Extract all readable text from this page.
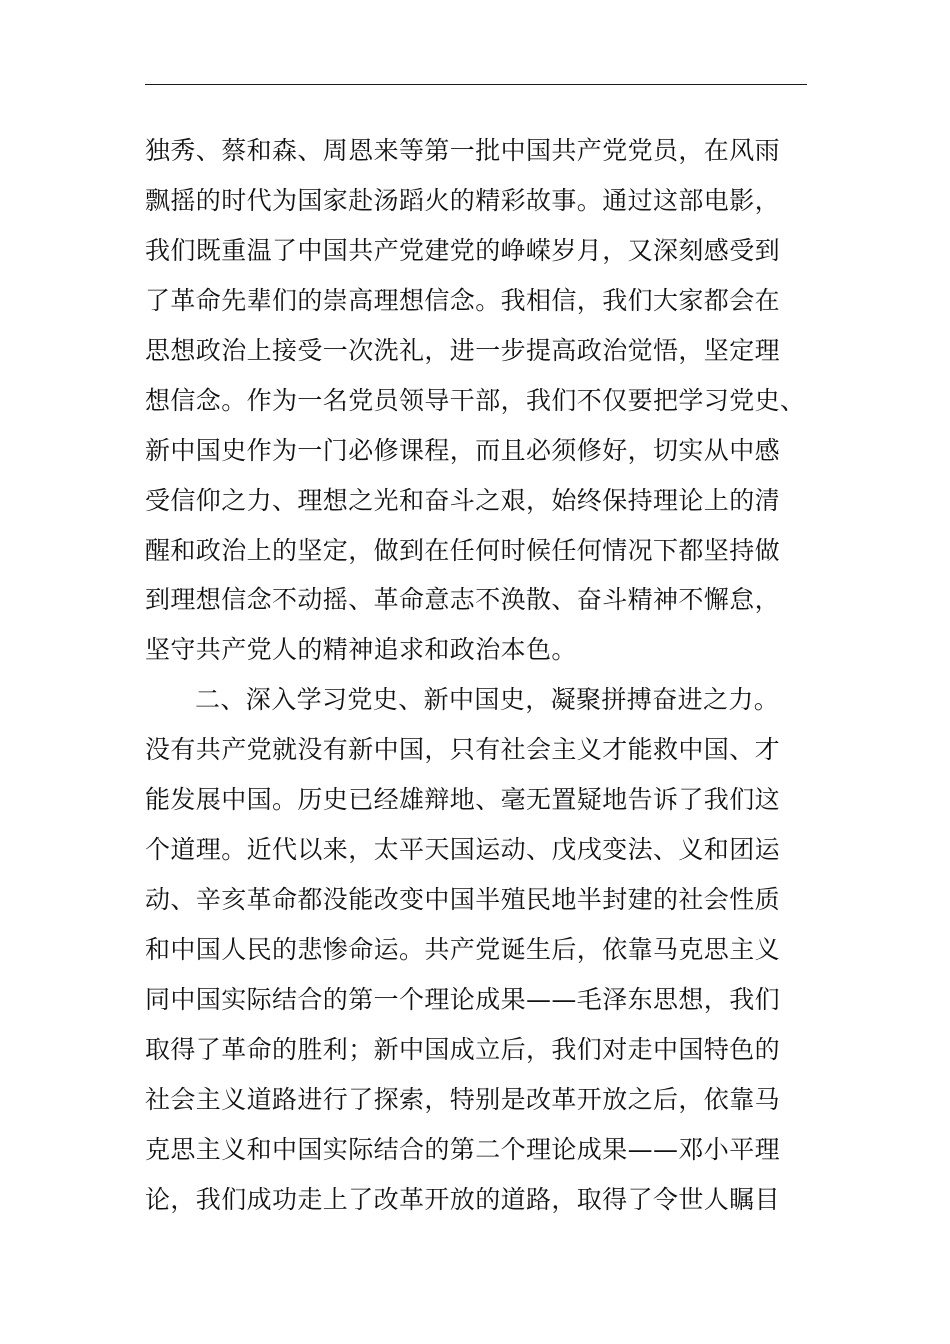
独秀、蔡和森、周恩来等第一批中国共产党党员，在风雨
飘摇的时代为国家赴汤蹈火的精彩故事。通过这部电影，
我们既重温了中国共产党建党的峥嵘岁月，又深刻感受到
了革命先辈们的崇高理想信念。我相信，我们大家都会在
思想政治上接受一次洗礼，进一步提高政治觉悟，坚定理
想信念。作为一名党员领导干部，我们不仅要把学习党史、
新中国史作为一门必修课程，而且必须修好，切实从中感
受信仰之力、理想之光和奋斗之艰，始终保持理论上的清
醒和政治上的坚定，做到在任何时候任何情况下都坚持做
到理想信念不动摇、革命意志不涣散、奋斗精神不懈怠，
坚守共产党人的精神追求和政治本色。
二、深入学习党史、新中国史，凝聚拼搏奋进之力。
没有共产党就没有新中国，只有社会主义才能救中国、才
能发展中国。历史已经雄辩地、毫无置疑地告诉了我们这
个道理。近代以来，太平天国运动、戊戌变法、义和团运
动、辛亥革命都没能改变中国半殖民地半封建的社会性质
和中国人民的悲惨命运。共产党诞生后，依靠马克思主义
同中国实际结合的第一个理论成果——毛泽东思想，我们
取得了革命的胜利；新中国成立后，我们对走中国特色的
社会主义道路进行了探索，特别是改革开放之后，依靠马
克思主义和中国实际结合的第二个理论成果——邓小平理
论，我们成功走上了改革开放的道路，取得了令世人瞩目
